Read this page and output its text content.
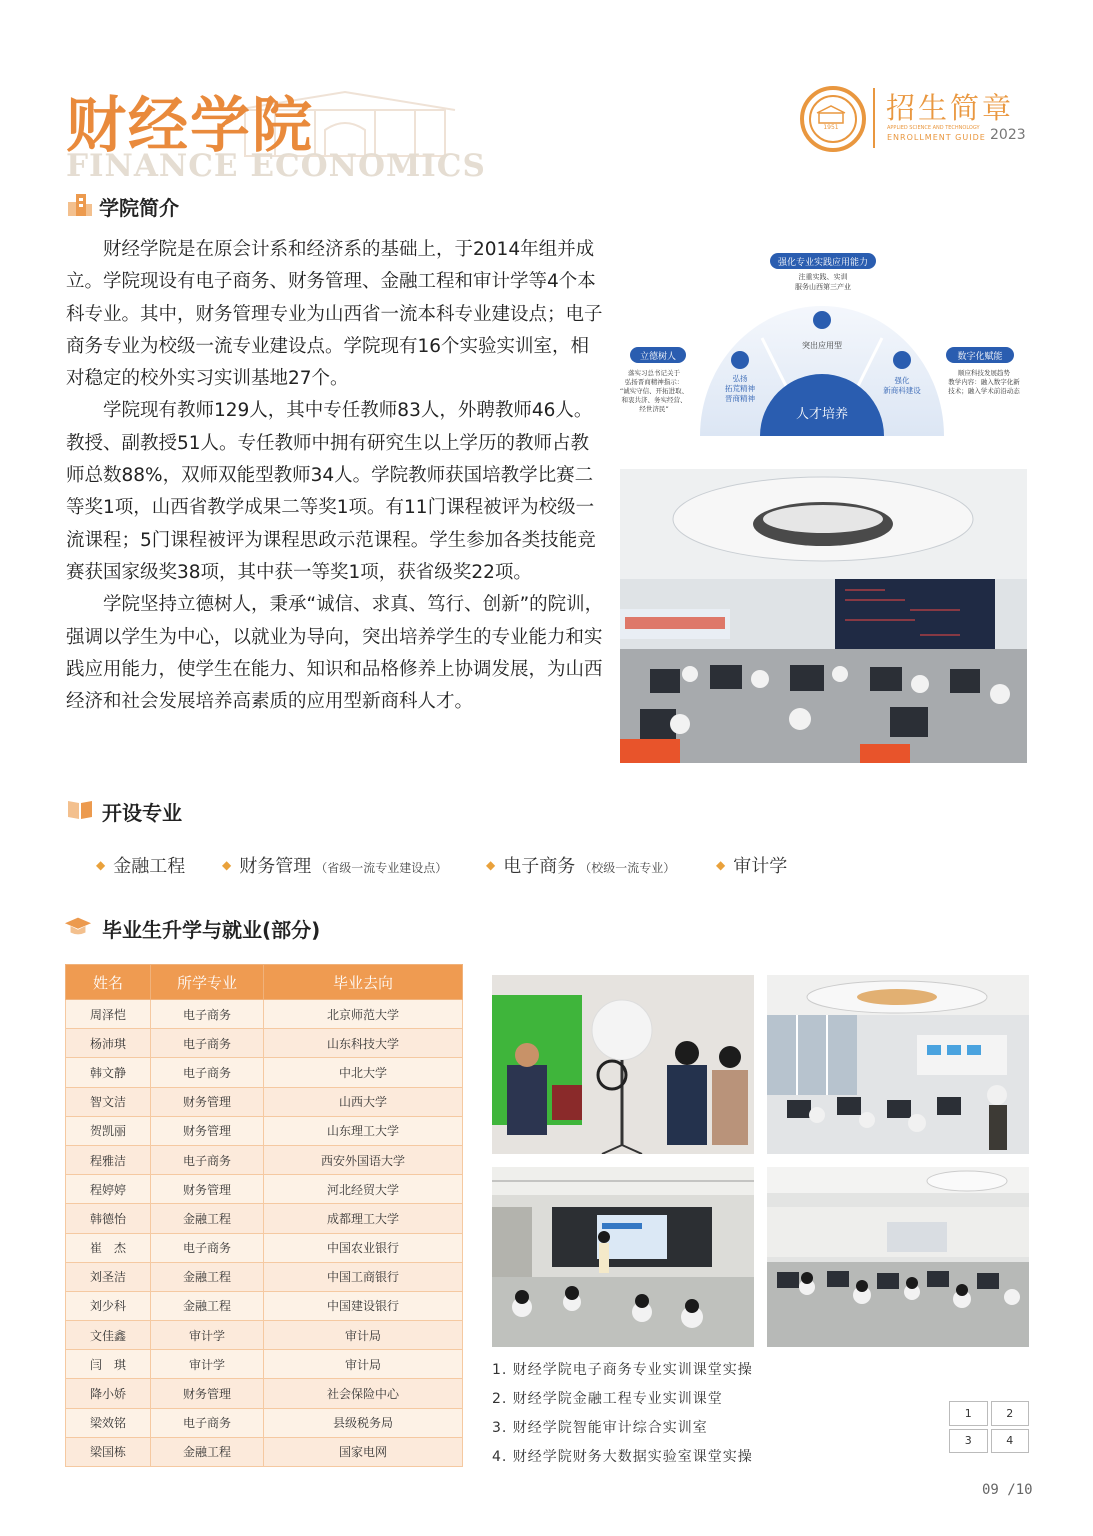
财经学院
FINANCE ECONOMICS
1951
招生简章
APPLIED SCIENCE AND TECHNOLOGY
ENROLLMENT GUIDE 2023
学院简介

财经学院是在原会计系和经济系的基础上，于2014年组并成立。学院现设有电子商务、财务管理、金融工程和审计学等4个本科专业。其中，财务管理专业为山西省一流本科专业建设点；电子商务专业为校级一流专业建设点。学院现有16个实验实训室，相对稳定的校外实习实训基地27个。

学院现有教师129人，其中专任教师83人，外聘教师46人。教授、副教授51人。专任教师中拥有研究生以上学历的教师占教师总数88%，双师双能型教师34人。学院教师获国培教学比赛二等奖1项，山西省教学成果二等奖1项。有11门课程被评为校级一流课程；5门课程被评为课程思政示范课程。学生参加各类技能竞赛获国家级奖38项，其中获一等奖1项，获省级奖22项。

学院坚持立德树人，秉承“诚信、求真、笃行、创新”的院训，强调以学生为中心，以就业为导向，突出培养学生的专业能力和实践应用能力，使学生在能力、知识和品格修养上协调发展，为山西经济和社会发展培养高素质的应用型新商科人才。

强化专业实践应用能力
注重实践、实训
服务山西第三产业
立德树人
落实习总书记关于
弘扬晋商精神指示：
“诚实守信、开拓进取、
和衷共济、务实经营、
经世济民”
数字化赋能
顺应科技发展趋势
教学内容：融入数字化新
技术；融入学术前沿动态
弘扬
拓荒精神
晋商精神
突出应用型
强化
新商科建设
人才培养
开设专业
◆ 金融工程	◆ 财务管理 （省级一流专业建设点）	◆ 电子商务 （校级一流专业）	◆ 审计学
毕业生升学与就业(部分)
姓名	所学专业	毕业去向
周泽恺	电子商务	北京师范大学
杨沛琪	电子商务	山东科技大学
韩文静	电子商务	中北大学
智文洁	财务管理	山西大学
贺凯丽	财务管理	山东理工大学
程雅洁	电子商务	西安外国语大学
程婷婷	财务管理	河北经贸大学
韩德怡	金融工程	成都理工大学
崔　杰	电子商务	中国农业银行
刘圣洁	金融工程	中国工商银行
刘少科	金融工程	中国建设银行
文佳鑫	审计学	审计局
闫　琪	审计学	审计局
降小娇	财务管理	社会保险中心
梁效铭	电子商务	县级税务局
梁国栋	金融工程	国家电网
1. 财经学院电子商务专业实训课堂实操
2. 财经学院金融工程专业实训课堂
3. 财经学院智能审计综合实训室
4. 财经学院财务大数据实验室课堂实操
1	2
3	4
09 /10
